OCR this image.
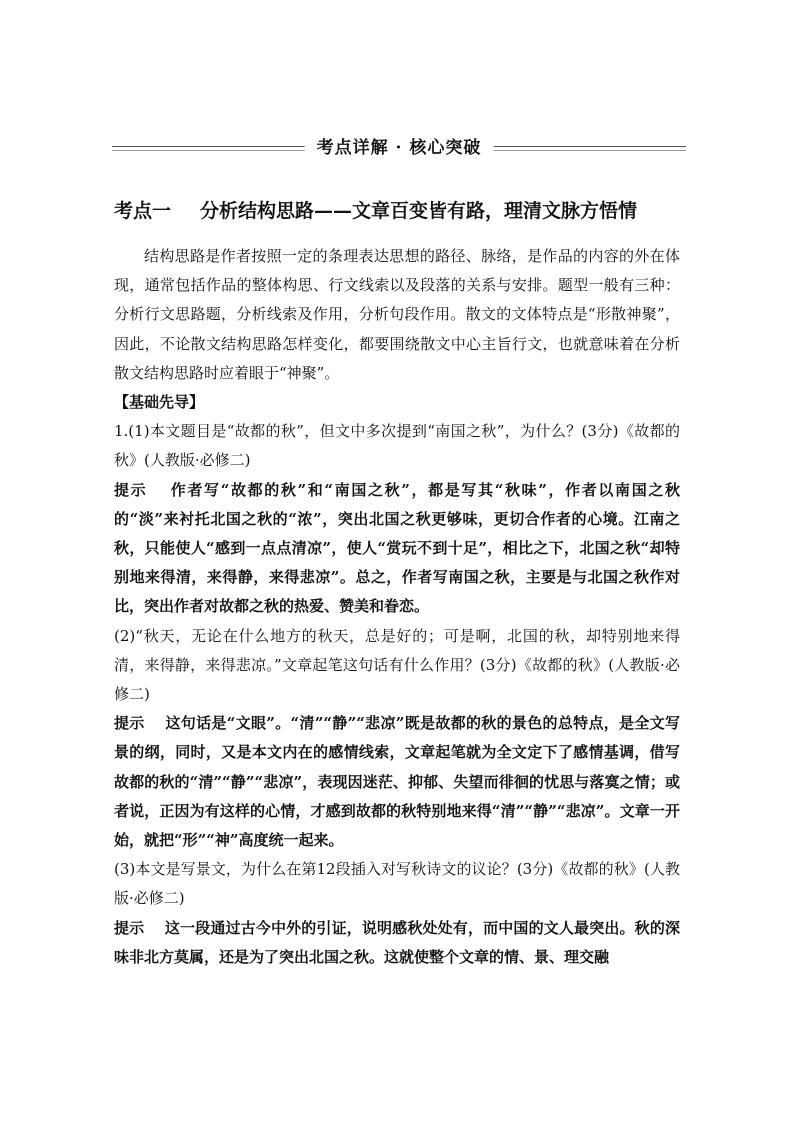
考点详解 · 核心突破
考点一	分析结构思路——文章百变皆有路，理清文脉方悟情

结构思路是作者按照一定的条理表达思想的路径、脉络，是作品的内容的外在体现，通常包括作品的整体构思、行文线索以及段落的关系与安排。题型一般有三种：分析行文思路题，分析线索及作用，分析句段作用。散文的文体特点是“形散神聚”，因此，不论散文结构思路怎样变化，都要围绕散文中心主旨行文，也就意味着在分析散文结构思路时应着眼于“神聚”。

【基础先导】

1.(1)本文题目是“故都的秋”，但文中多次提到“南国之秋”，为什么？(3分)《故都的秋》(人教版·必修二)

提示　 作者写“故都的秋”和“南国之秋”，都是写其“秋味”，作者以南国之秋的“淡”来衬托北国之秋的“浓”，突出北国之秋更够味，更切合作者的心境。江南之秋，只能使人“感到一点点清凉”，使人“赏玩不到十足”，相比之下，北国之秋“却特别地来得清，来得静，来得悲凉”。总之，作者写南国之秋，主要是与北国之秋作对比，突出作者对故都之秋的热爱、赞美和眷恋。

(2)“秋天，无论在什么地方的秋天，总是好的；可是啊，北国的秋，却特别地来得清，来得静，来得悲凉。”文章起笔这句话有什么作用？(3分)《故都的秋》(人教版·必修二)

提示　 这句话是“文眼”。“清”“静”“悲凉”既是故都的秋的景色的总特点，是全文写景的纲，同时，又是本文内在的感情线索，文章起笔就为全文定下了感情基调，借写故都的秋的“清”“静”“悲凉”，表现因迷茫、抑郁、失望而徘徊的忧思与落寞之情；或者说，正因为有这样的心情，才感到故都的秋特别地来得“清”“静”“悲凉”。文章一开始，就把“形”“神”高度统一起来。

(3)本文是写景文，为什么在第12段插入对写秋诗文的议论？(3分)《故都的秋》(人教版·必修二)

提示　 这一段通过古今中外的引证，说明感秋处处有，而中国的文人最突出。秋的深味非北方莫属，还是为了突出北国之秋。这就使整个文章的情、景、理交融
